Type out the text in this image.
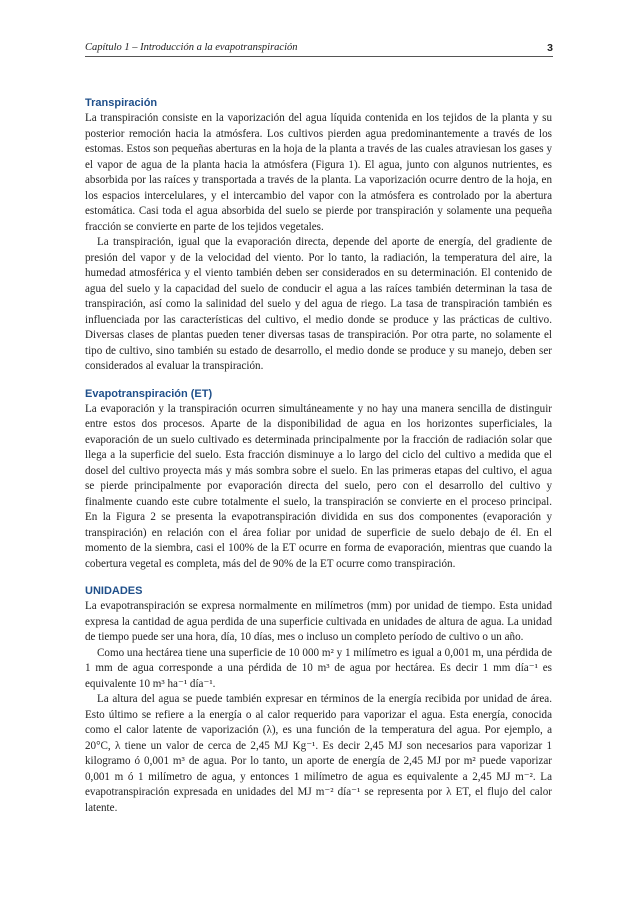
Capítulo 1 – Introducción a la evapotranspiración	3
Transpiración

La transpiración consiste en la vaporización del agua líquida contenida en los tejidos de la planta y su posterior remoción hacia la atmósfera. Los cultivos pierden agua predominantemente a través de los estomas. Estos son pequeñas aberturas en la hoja de la planta a través de las cuales atraviesan los gases y el vapor de agua de la planta hacia la atmósfera (Figura 1). El agua, junto con algunos nutrientes, es absorbida por las raíces y transportada a través de la planta. La vaporización ocurre dentro de la hoja, en los espacios intercelulares, y el intercambio del vapor con la atmósfera es controlado por la abertura estomática. Casi toda el agua absorbida del suelo se pierde por transpiración y solamente una pequeña fracción se convierte en parte de los tejidos vegetales.

La transpiración, igual que la evaporación directa, depende del aporte de energía, del gradiente de presión del vapor y de la velocidad del viento. Por lo tanto, la radiación, la temperatura del aire, la humedad atmosférica y el viento también deben ser considerados en su determinación. El contenido de agua del suelo y la capacidad del suelo de conducir el agua a las raíces también determinan la tasa de transpiración, así como la salinidad del suelo y del agua de riego. La tasa de transpiración también es influenciada por las características del cultivo, el medio donde se produce y las prácticas de cultivo. Diversas clases de plantas pueden tener diversas tasas de transpiración. Por otra parte, no solamente el tipo de cultivo, sino también su estado de desarrollo, el medio donde se produce y su manejo, deben ser considerados al evaluar la transpiración.

Evapotranspiración (ET)

La evaporación y la transpiración ocurren simultáneamente y no hay una manera sencilla de distinguir entre estos dos procesos. Aparte de la disponibilidad de agua en los horizontes superficiales, la evaporación de un suelo cultivado es determinada principalmente por la fracción de radiación solar que llega a la superficie del suelo. Esta fracción disminuye a lo largo del ciclo del cultivo a medida que el dosel del cultivo proyecta más y más sombra sobre el suelo. En las primeras etapas del cultivo, el agua se pierde principalmente por evaporación directa del suelo, pero con el desarrollo del cultivo y finalmente cuando este cubre totalmente el suelo, la transpiración se convierte en el proceso principal. En la Figura 2 se presenta la evapotranspiración dividida en sus dos componentes (evaporación y transpiración) en relación con el área foliar por unidad de superficie de suelo debajo de él. En el momento de la siembra, casi el 100% de la ET ocurre en forma de evaporación, mientras que cuando la cobertura vegetal es completa, más del de 90% de la ET ocurre como transpiración.

UNIDADES

La evapotranspiración se expresa normalmente en milímetros (mm) por unidad de tiempo. Esta unidad expresa la cantidad de agua perdida de una superficie cultivada en unidades de altura de agua. La unidad de tiempo puede ser una hora, día, 10 días, mes o incluso un completo período de cultivo o un año.

Como una hectárea tiene una superficie de 10 000 m² y 1 milímetro es igual a 0,001 m, una pérdida de 1 mm de agua corresponde a una pérdida de 10 m³ de agua por hectárea. Es decir 1 mm día⁻¹ es equivalente 10 m³ ha⁻¹ día⁻¹.

La altura del agua se puede también expresar en términos de la energía recibida por unidad de área. Esto último se refiere a la energía o al calor requerido para vaporizar el agua. Esta energía, conocida como el calor latente de vaporización (λ), es una función de la temperatura del agua. Por ejemplo, a 20°C, λ tiene un valor de cerca de 2,45 MJ Kg⁻¹. Es decir 2,45 MJ son necesarios para vaporizar 1 kilogramo ó 0,001 m³ de agua. Por lo tanto, un aporte de energía de 2,45 MJ por m² puede vaporizar 0,001 m ó 1 milímetro de agua, y entonces 1 milímetro de agua es equivalente a 2,45 MJ m⁻². La evapotranspiración expresada en unidades del MJ m⁻² día⁻¹ se representa por λ ET, el flujo del calor latente.
